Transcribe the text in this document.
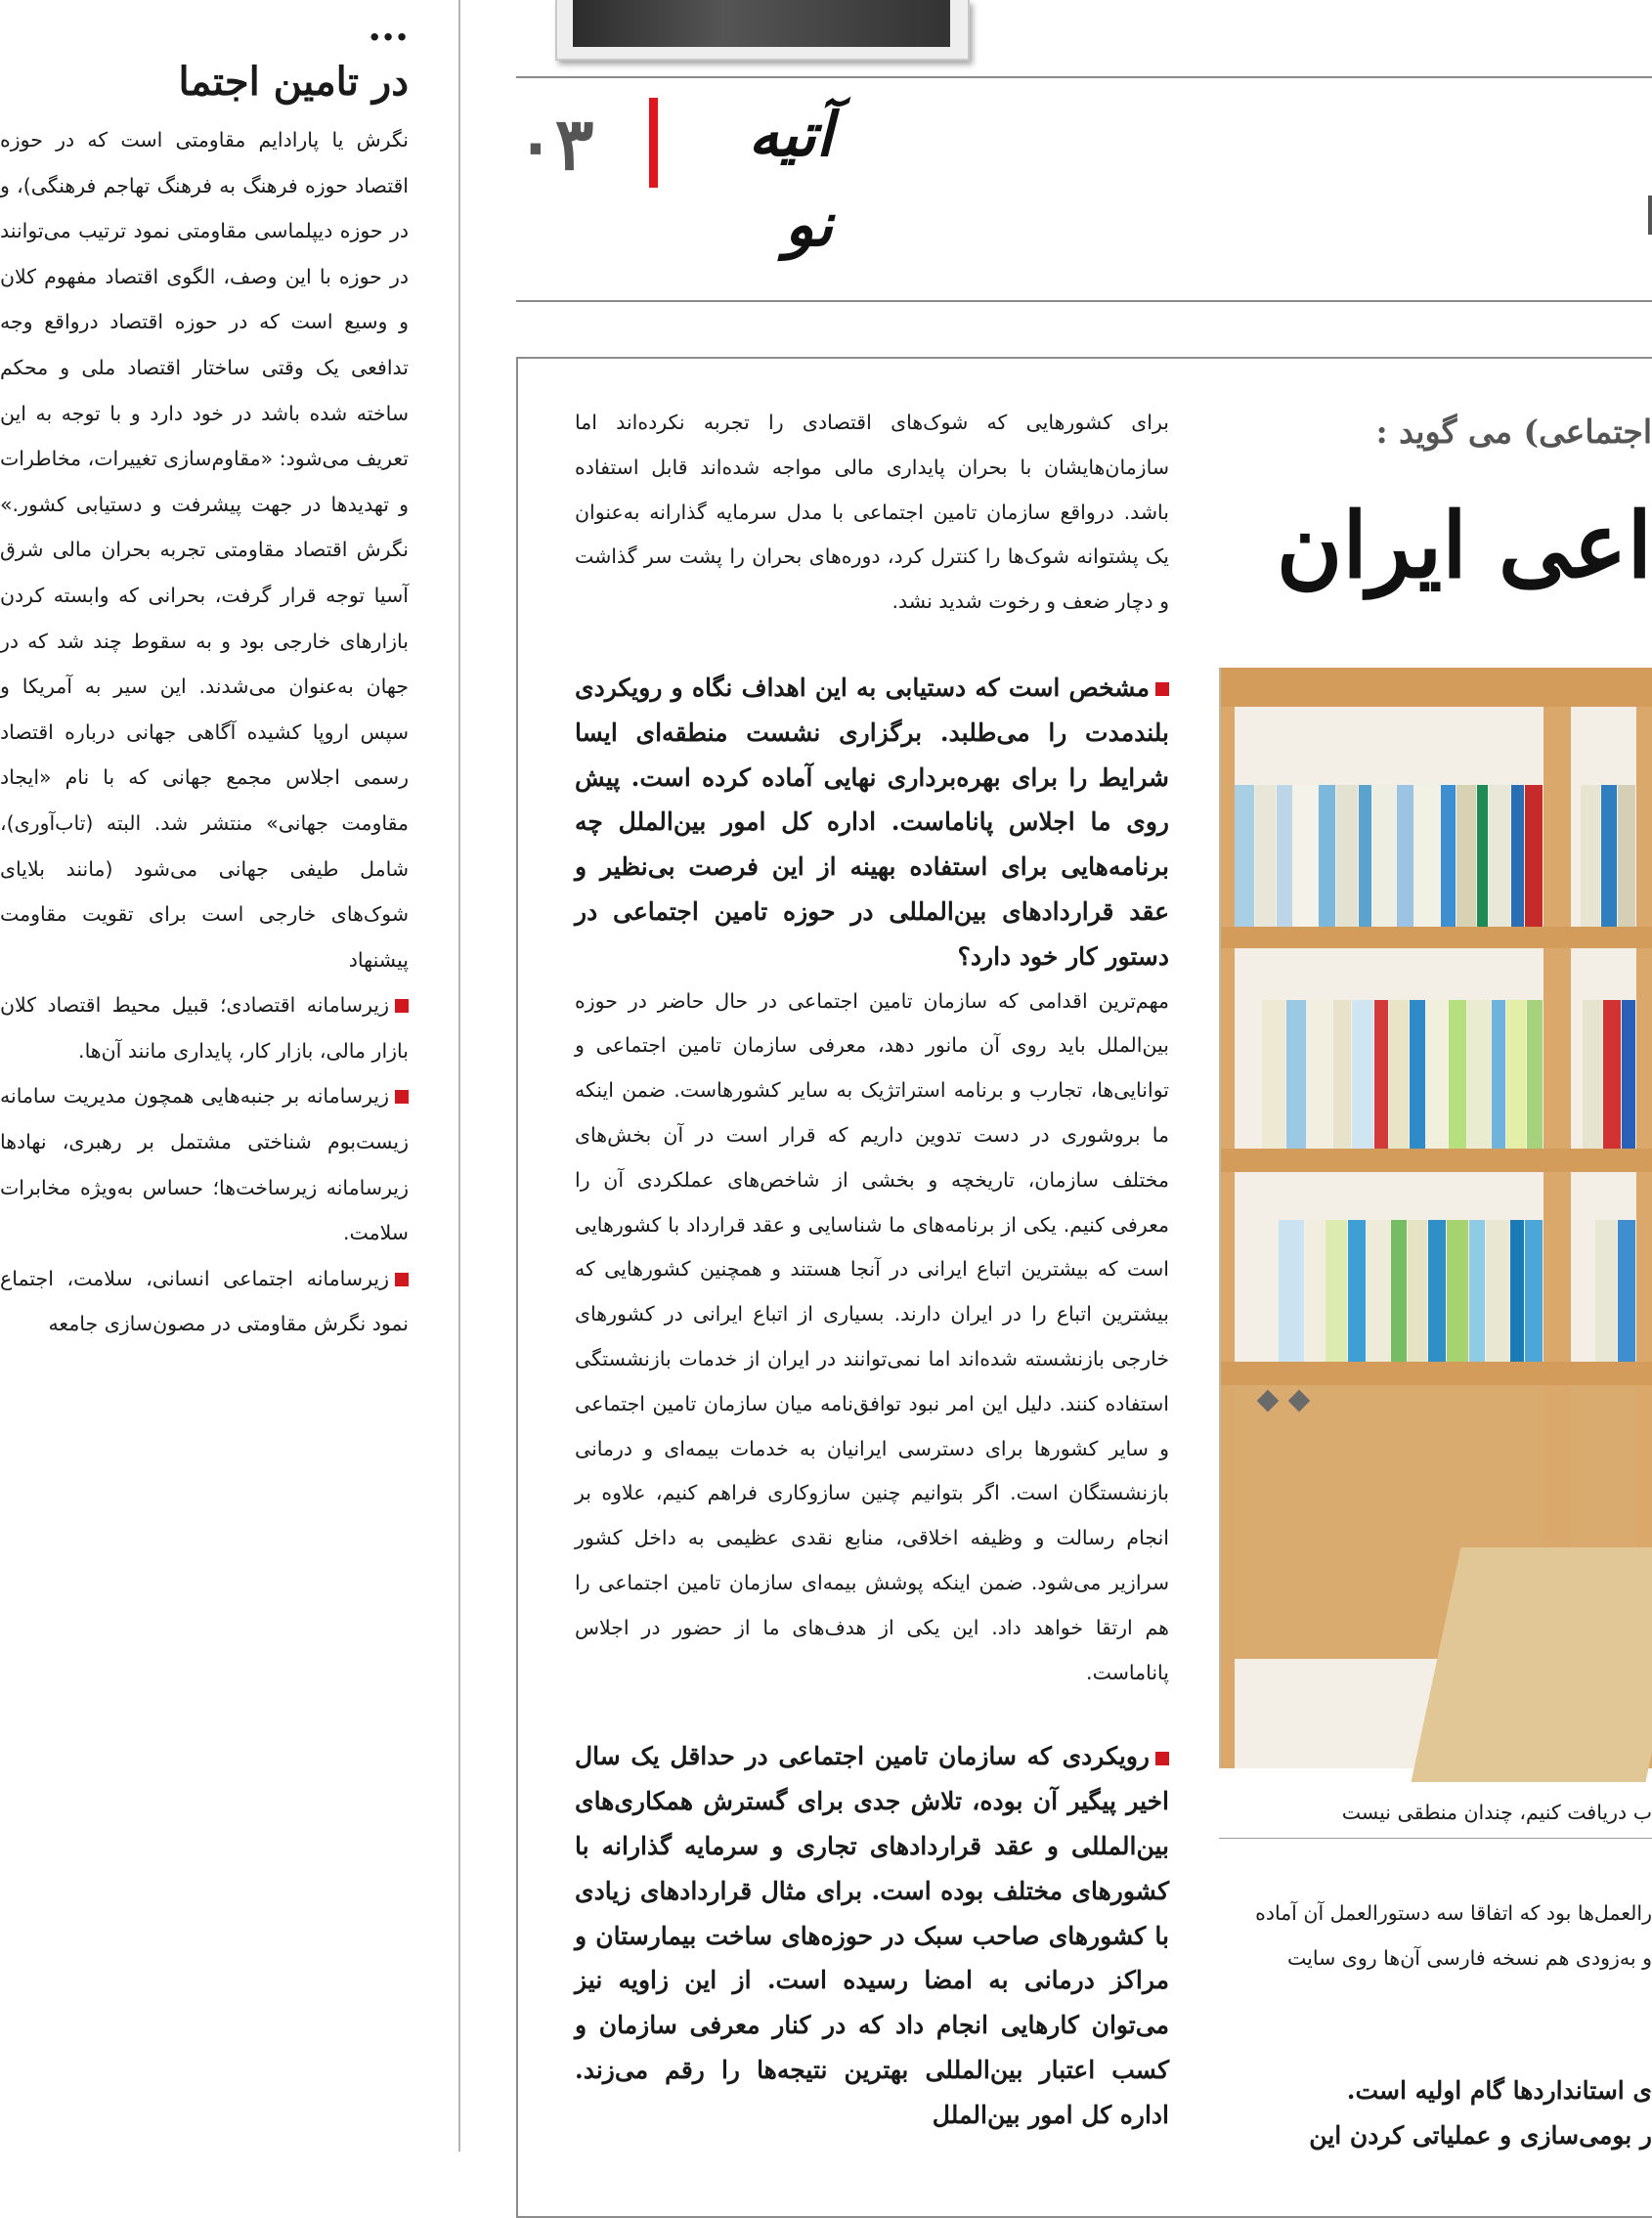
...
در تامین اجتما

نگرش یا پارادایم مقاومتی است که در حوزه اقتصاد حوزه فرهنگ به فرهنگ تهاجم فرهنگی)، و در حوزه دیپلماسی مقاومتی نمود ترتیب می‌توانند در حوزه با این وصف، الگوی اقتصاد مفهوم کلان و وسیع است که در حوزه اقتصاد درواقع وجه تدافعی یک وقتی ساختار اقتصاد ملی و محکم ساخته شده باشد در خود دارد و با توجه به این تعریف می‌شود: «مقاوم‌سازی تغییرات، مخاطرات و تهدیدها در جهت پیشرفت و دستیابی کشور.» نگرش اقتصاد مقاومتی تجربه بحران مالی شرق آسیا توجه قرار گرفت، بحرانی که وابسته کردن بازارهای خارجی بود و به سقوط چند شد که در جهان به‌عنوان می‌شدند. این سیر به آمریکا و سپس اروپا کشیده آگاهی جهانی درباره اقتصاد رسمی اجلاس مجمع جهانی که با نام «ایجاد مقاومت جهانی» منتشر شد. البته (تاب‌آوری)، شامل طیفی جهانی می‌شود (مانند بلایای شوک‌های خارجی است برای تقویت مقاومت پیشنهاد

زیرسامانه اقتصادی؛ قبیل محیط اقتصاد کلان بازار مالی، بازار کار، پایداری مانند آن‌ها.

زیرسامانه بر جنبه‌هایی همچون مدیریت سامانه زیست‌بوم شناختی مشتمل بر رهبری، نهادها زیرسامانه زیرساخت‌ها؛ حساس به‌ویژه مخابرات سلامت.

زیرسامانه اجتماعی انسانی، سلامت، اجتماع نمود نگرش مقاومتی در مصون‌سازی جامعه

۰۳	آتیه نو

برای کشورهایی که شوک‌های اقتصادی را تجربه نکرده‌اند اما سازمان‌هایشان با بحران پایداری مالی مواجه شده‌اند قابل استفاده باشد. درواقع سازمان تامین اجتماعی با مدل سرمایه گذارانه به‌عنوان یک پشتوانه شوک‌ها را کنترل کرد، دوره‌های بحران را پشت سر گذاشت و دچار ضعف و رخوت شدید نشد.

مشخص است که دستیابی به این اهداف نگاه و رویکردی بلندمدت را می‌طلبد. برگزاری نشست منطقه‌ای ایسا شرایط را برای بهره‌برداری نهایی آماده کرده است. پیش روی ما اجلاس پاناماست. اداره کل امور بین‌الملل چه برنامه‌هایی برای استفاده بهینه از این فرصت بی‌نظیر و عقد قراردادهای بین‌المللی در حوزه تامین اجتماعی در دستور کار خود دارد؟

مهم‌ترین اقدامی که سازمان تامین اجتماعی در حال حاضر در حوزه بین‌الملل باید روی آن مانور دهد، معرفی سازمان تامین اجتماعی و توانایی‌ها، تجارب و برنامه استراتژیک به سایر کشورهاست. ضمن اینکه ما بروشوری در دست تدوین داریم که قرار است در آن بخش‌های مختلف سازمان، تاریخچه و بخشی از شاخص‌های عملکردی آن را معرفی کنیم. یکی از برنامه‌های ما شناسایی و عقد قرارداد با کشورهایی است که بیشترین اتباع ایرانی در آنجا هستند و همچنین کشورهایی که بیشترین اتباع را در ایران دارند. بسیاری از اتباع ایرانی در کشورهای خارجی بازنشسته شده‌اند اما نمی‌توانند در ایران از خدمات بازنشستگی استفاده کنند. دلیل این امر نبود توافق‌نامه میان سازمان تامین اجتماعی و سایر کشورها برای دسترسی ایرانیان به خدمات بیمه‌ای و درمانی بازنشستگان است. اگر بتوانیم چنین سازوکاری فراهم کنیم، علاوه بر انجام رسالت و وظیفه اخلاقی، منابع نقدی عظیمی به داخل کشور سرازیر می‌شود. ضمن اینکه پوشش بیمه‌ای سازمان تامین اجتماعی را هم ارتقا خواهد داد. این یکی از هدف‌های ما از حضور در اجلاس پاناماست.

رویکردی که سازمان تامین اجتماعی در حداقل یک سال اخیر پیگیر آن بوده، تلاش جدی برای گسترش همکاری‌های بین‌المللی و عقد قراردادهای تجاری و سرمایه گذارانه با کشورهای مختلف بوده است. برای مثال قراردادهای زیادی با کشورهای صاحب سبک در حوزه‌های ساخت بیمارستان و مراکز درمانی به امضا رسیده است. از این زاویه نیز می‌توان کارهایی انجام داد که در کنار معرفی سازمان و کسب اعتبار بین‌المللی بهترین نتیجه‌ها را رقم می‌زند. اداره کل امور بین‌الملل

اجتماعی) می گوید :
اعی ایران
ب دریافت کنیم، چندان منطقی نیست
رالعمل‌ها بود که اتفاقا سه دستورالعمل آن آماده
و به‌زودی هم نسخه فارسی آن‌ها روی سایت
ی استانداردها گام اولیه است.
ر بومی‌سازی و عملیاتی کردن این
